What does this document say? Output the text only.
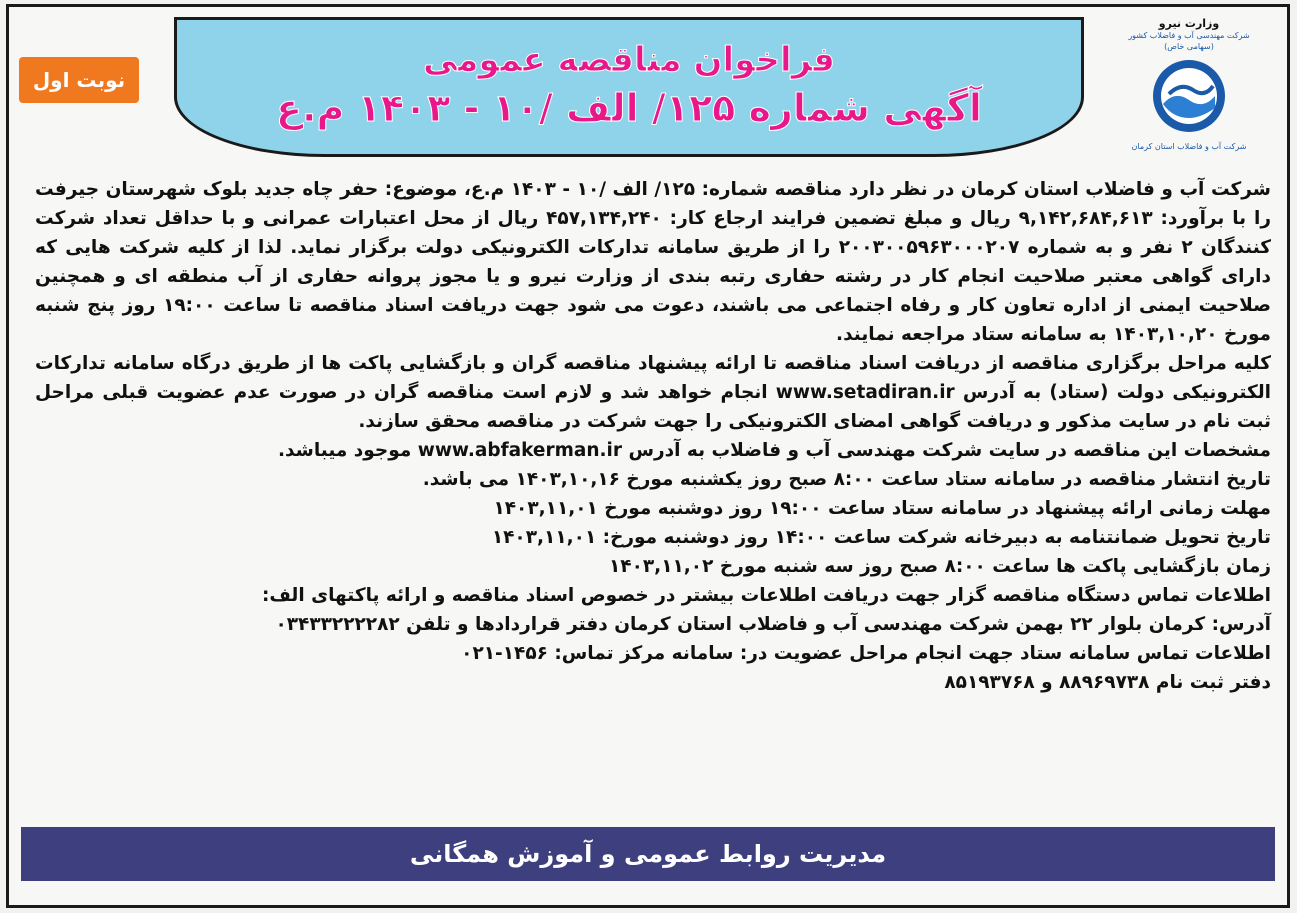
نوبت اول	فراخوان مناقصه عمومی
آگهی شماره ۱۲۵/ الف /۱۰ - ۱۴۰۳ م.ع
وزارت نیرو
شرکت مهندسی آب و فاضلاب کشور
(سهامی خاص)
شرکت آب و فاضلاب استان کرمان

شرکت آب و فاضلاب استان کرمان در نظر دارد مناقصه شماره: ۱۲۵/ الف /۱۰ - ۱۴۰۳ م.ع، موضوع: حفر چاه جدید بلوک شهرستان جیرفت را با برآورد: ۹,۱۴۲,۶۸۴,۶۱۳ ریال و مبلغ تضمین فرایند ارجاع کار: ۴۵۷,۱۳۴,۲۴۰ ریال از محل اعتبارات عمرانی و با حداقل تعداد شرکت کنندگان ۲ نفر و به شماره ۲۰۰۳۰۰۵۹۶۳۰۰۰۲۰۷ را از طریق سامانه تدارکات الکترونیکی دولت برگزار نماید. لذا از کلیه شرکت هایی که دارای گواهی معتبر صلاحیت انجام کار در رشته حفاری رتبه بندی از وزارت نیرو و یا مجوز پروانه حفاری از آب منطقه ای و همچنین صلاحیت ایمنی از اداره تعاون کار و رفاه اجتماعی می باشند، دعوت می شود جهت دریافت اسناد مناقصه تا ساعت ۱۹:۰۰ روز پنج شنبه مورخ ۱۴۰۳,۱۰,۲۰ به سامانه ستاد مراجعه نمایند.

کلیه مراحل برگزاری مناقصه از دریافت اسناد مناقصه تا ارائه پیشنهاد مناقصه گران و بازگشایی پاکت ها از طریق درگاه سامانه تدارکات الکترونیکی دولت (ستاد) به آدرس www.setadiran.ir انجام خواهد شد و لازم است مناقصه گران در صورت عدم عضویت قبلی مراحل ثبت نام در سایت مذکور و دریافت گواهی امضای الکترونیکی را جهت شرکت در مناقصه محقق سازند.

مشخصات این مناقصه در سایت شرکت مهندسی آب و فاضلاب به آدرس www.abfakerman.ir موجود میباشد.

تاریخ انتشار مناقصه در سامانه ستاد ساعت ۸:۰۰ صبح روز یکشنبه مورخ ۱۴۰۳,۱۰,۱۶ می باشد.

مهلت زمانی ارائه پیشنهاد در سامانه ستاد ساعت ۱۹:۰۰ روز دوشنبه مورخ ۱۴۰۳,۱۱,۰۱

تاریخ تحویل ضمانتنامه به دبیرخانه شرکت ساعت ۱۴:۰۰ روز دوشنبه مورخ: ۱۴۰۳,۱۱,۰۱

زمان بازگشایی پاکت ها ساعت ۸:۰۰ صبح روز سه شنبه مورخ ۱۴۰۳,۱۱,۰۲

اطلاعات تماس دستگاه مناقصه گزار جهت دریافت اطلاعات بیشتر در خصوص اسناد مناقصه و ارائه پاکتهای الف:

آدرس: کرمان بلوار ۲۲ بهمن شرکت مهندسی آب و فاضلاب استان کرمان دفتر قراردادها و تلفن ۰۳۴۳۳۲۲۲۲۸۲

اطلاعات تماس سامانه ستاد جهت انجام مراحل عضویت در: سامانه مرکز تماس: ۱۴۵۶-۰۲۱

دفتر ثبت نام ۸۸۹۶۹۷۳۸ و ۸۵۱۹۳۷۶۸

مدیریت روابط عمومی و آموزش همگانی
